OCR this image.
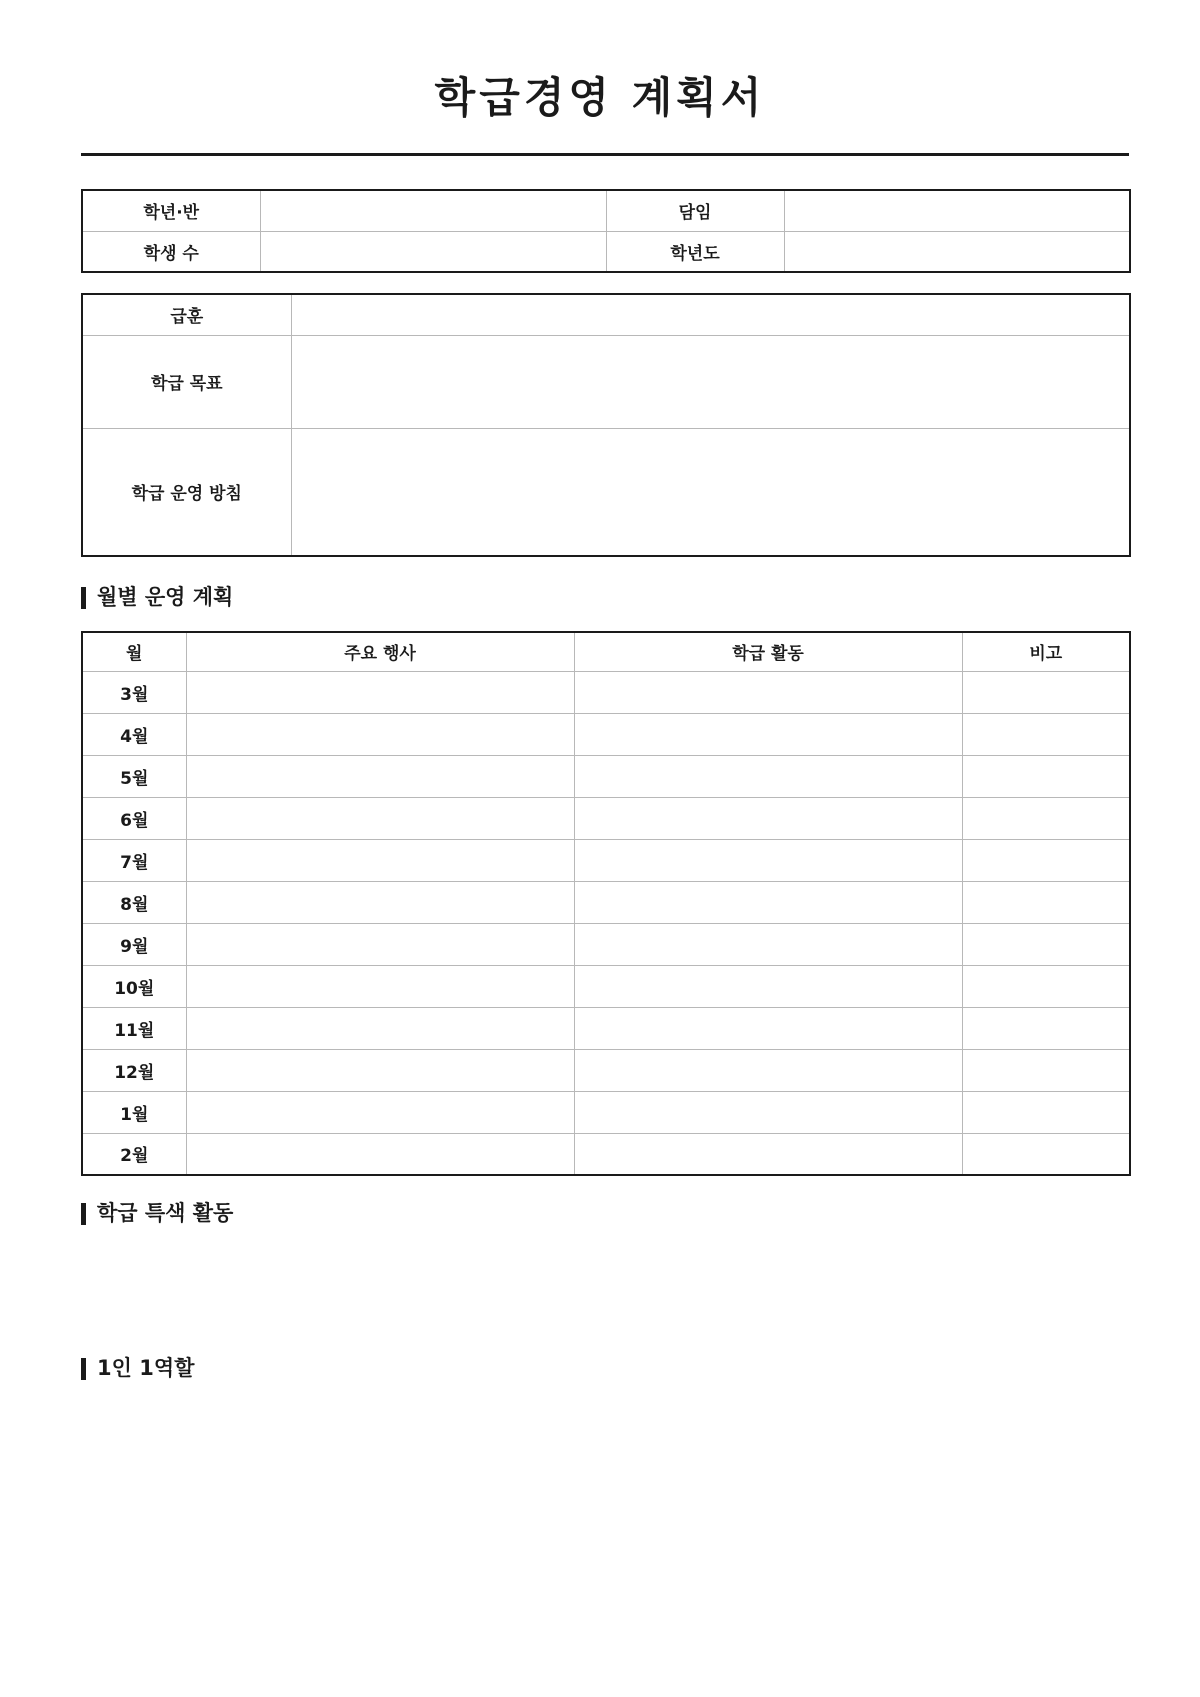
학급경영 계획서
학년·반		담임	
학생 수		학년도	
급훈	
학급 목표	
학급 운영 방침	
월별 운영 계획
월	주요 행사	학급 활동	비고
3월			
4월			
5월			
6월			
7월			
8월			
9월			
10월			
11월			
12월			
1월			
2월			
학급 특색 활동
1인 1역할
